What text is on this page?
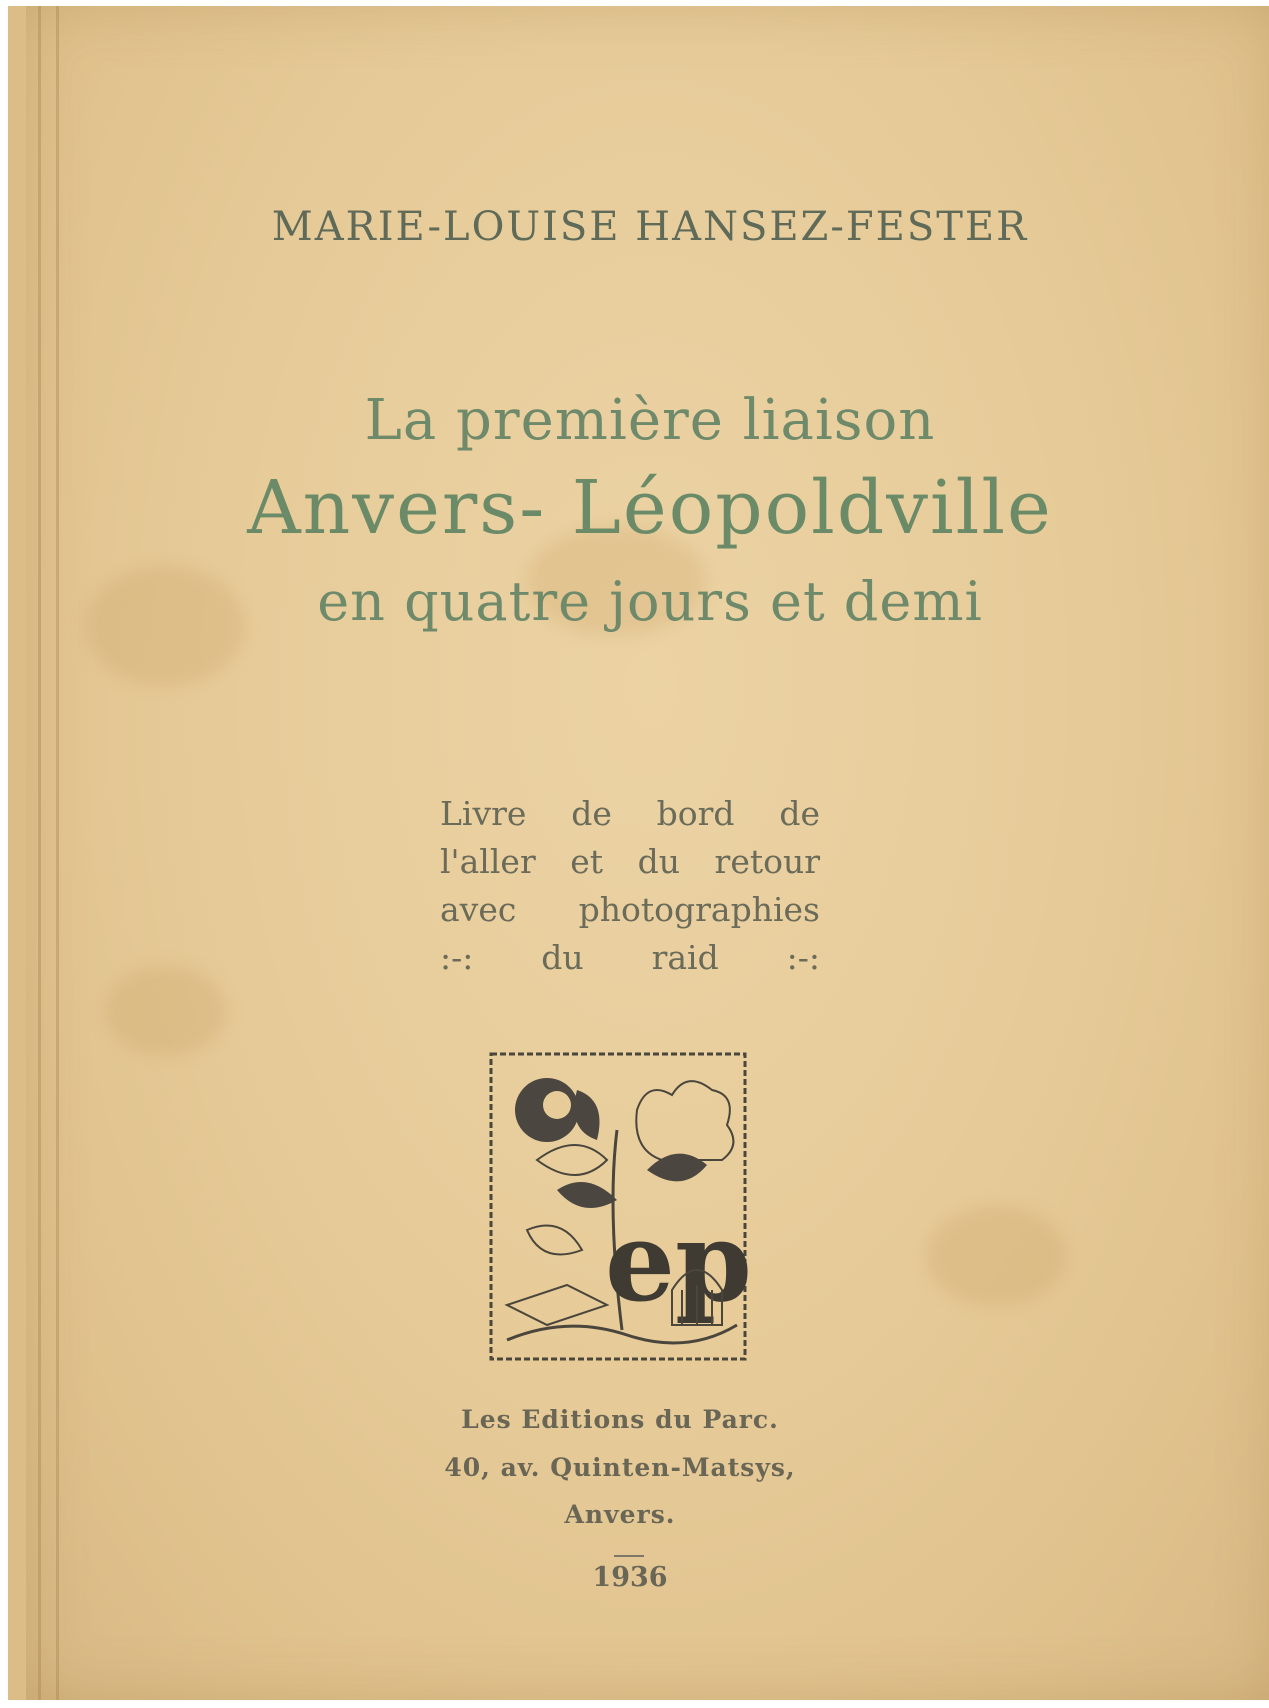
MARIE-LOUISE HANSEZ-FESTER
La première liaison
Anvers- Léopoldville
en quatre jours et demi
Livre de bord de
l'aller et du retour
avec photographies
:-: du raid :-:
ep
Les Editions du Parc.
40, av. Quinten-Matsys,
Anvers.
1936
